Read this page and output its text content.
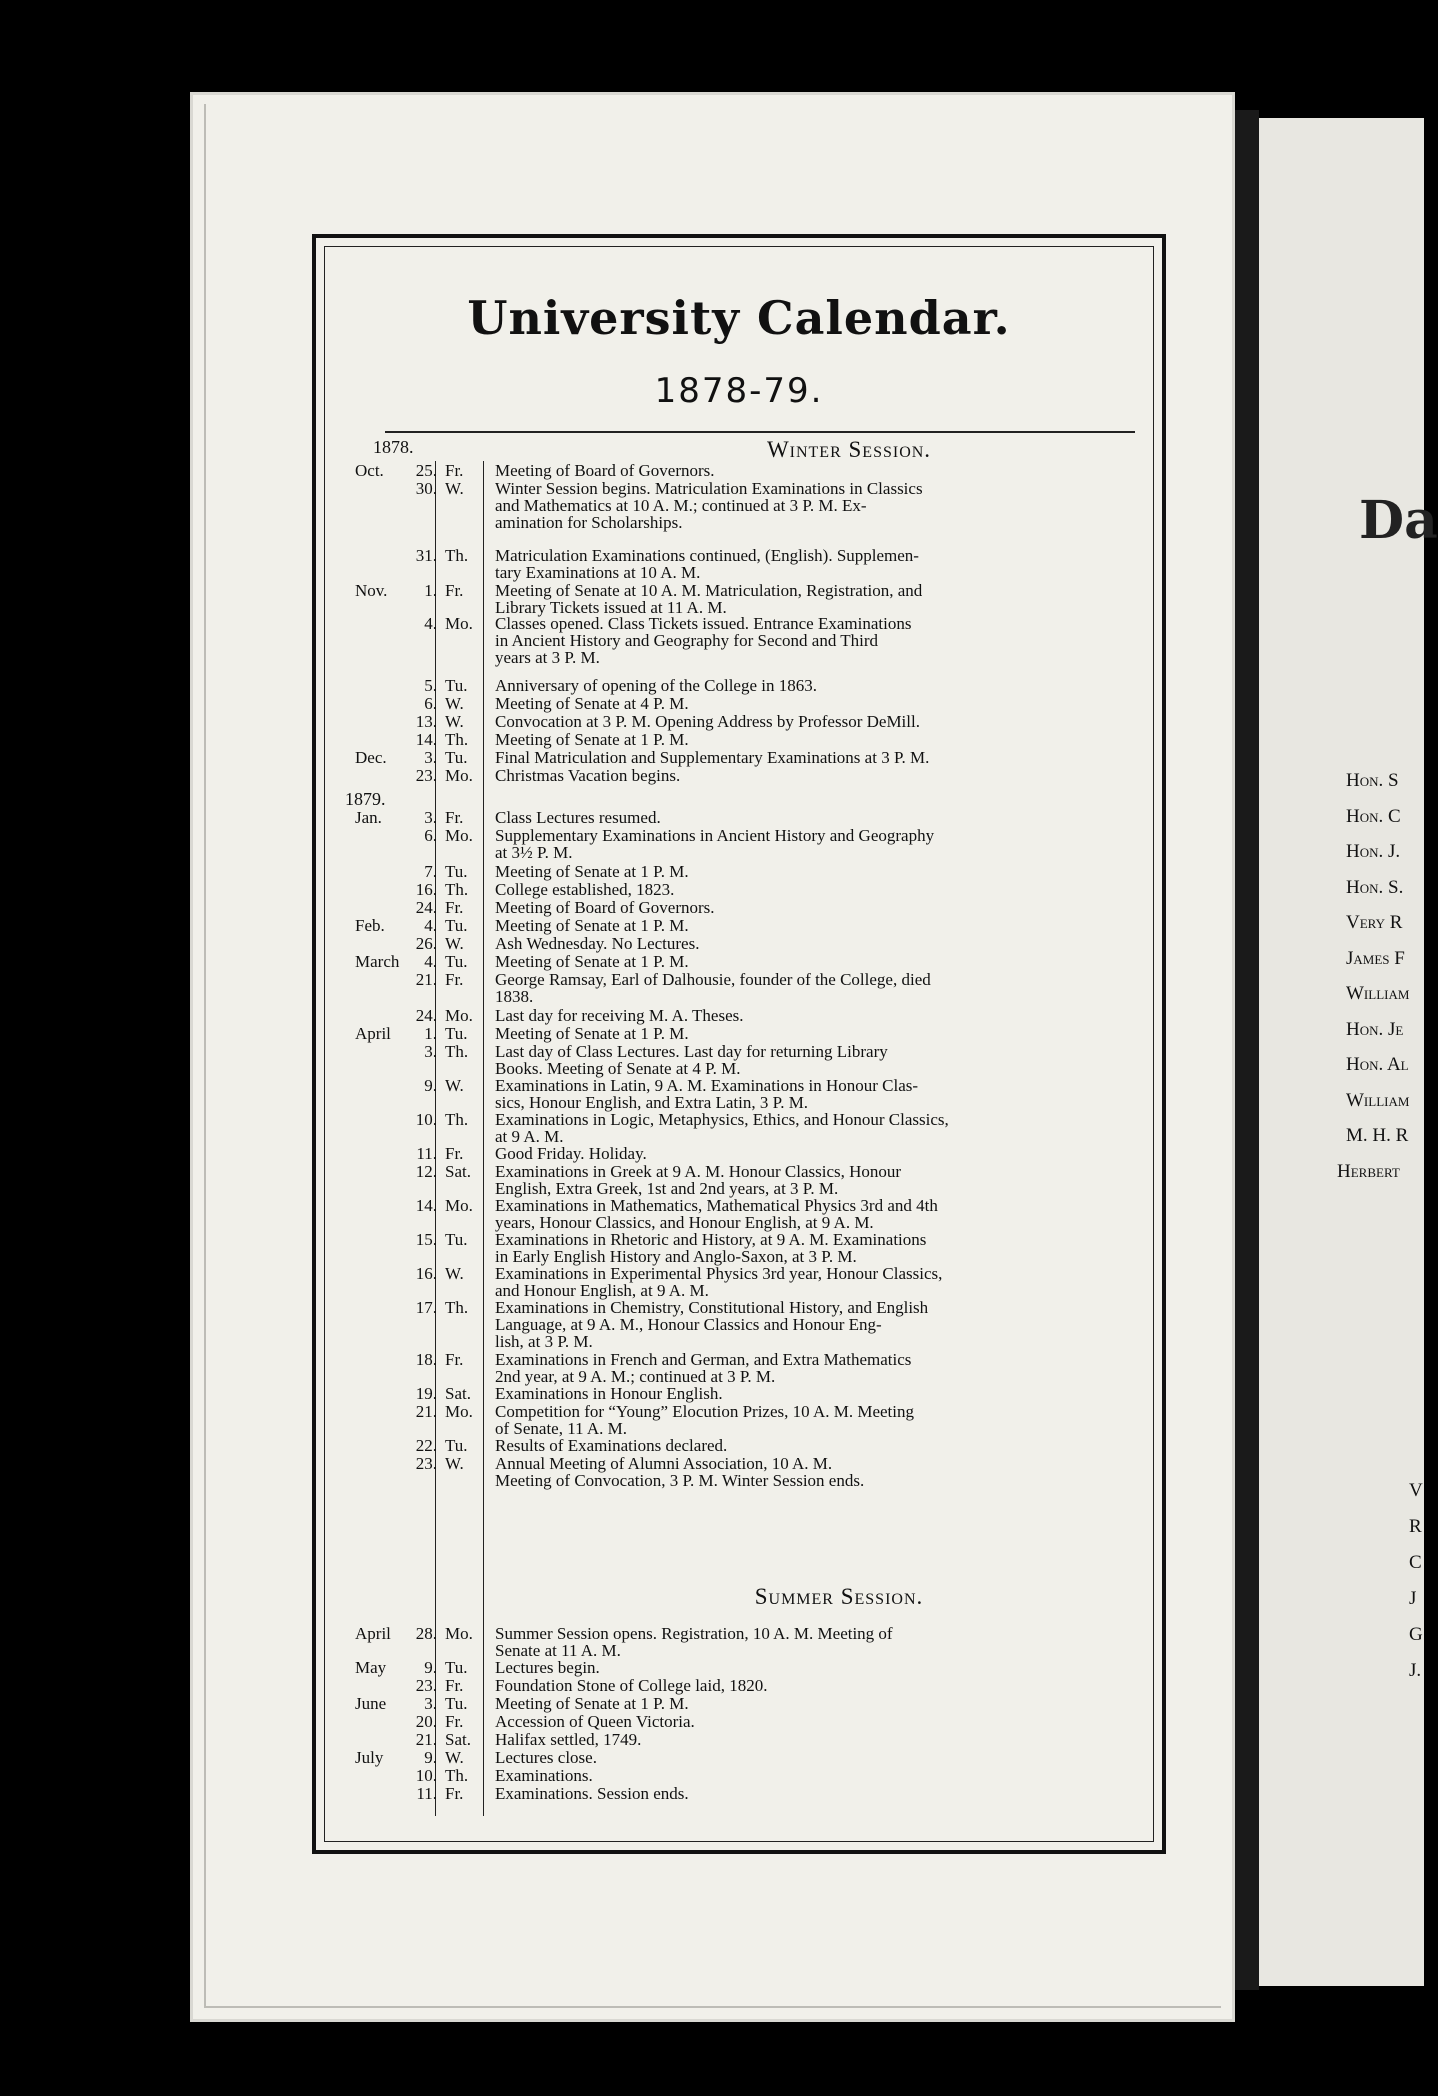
Da
Hon. S
Hon. C
Hon. J.
Hon. S.
Very R
James F
William
Hon. Je
Hon. Al
William
M. H. R
Herbert
V
R
C
J
G
J.
University Calendar.
1878-79.
Winter Session.
1878.
1879.
Oct.	25. Fr.	Meeting of Board of Governors.
30. W.	Winter Session begins. Matriculation Examinations in Classics
and Mathematics at 10 A. M.; continued at 3 P. M. Ex-
amination for Scholarships.
31. Th.	Matriculation Examinations continued, (English). Supplemen-
tary Examinations at 10 A. M.
Nov.	1. Fr.	Meeting of Senate at 10 A. M. Matriculation, Registration, and
Library Tickets issued at 11 A. M.
4. Mo.	Classes opened. Class Tickets issued. Entrance Examinations
in Ancient History and Geography for Second and Third
years at 3 P. M.
5. Tu.	Anniversary of opening of the College in 1863.
6. W.	Meeting of Senate at 4 P. M.
13. W.	Convocation at 3 P. M. Opening Address by Professor DeMill.
14. Th.	Meeting of Senate at 1 P. M.
Dec.	3. Tu.	Final Matriculation and Supplementary Examinations at 3 P. M.
23. Mo.	Christmas Vacation begins.
Jan.	3. Fr.	Class Lectures resumed.
6. Mo.	Supplementary Examinations in Ancient History and Geography
at 3½ P. M.
7. Tu.	Meeting of Senate at 1 P. M.
16. Th.	College established, 1823.
24. Fr.	Meeting of Board of Governors.
Feb.	4. Tu.	Meeting of Senate at 1 P. M.
26. W.	Ash Wednesday. No Lectures.
March	4. Tu.	Meeting of Senate at 1 P. M.
21. Fr.	George Ramsay, Earl of Dalhousie, founder of the College, died
1838.
24. Mo.	Last day for receiving M. A. Theses.
April	1. Tu.	Meeting of Senate at 1 P. M.
3. Th.	Last day of Class Lectures. Last day for returning Library
Books. Meeting of Senate at 4 P. M.
9. W.	Examinations in Latin, 9 A. M. Examinations in Honour Clas-
sics, Honour English, and Extra Latin, 3 P. M.
10. Th.	Examinations in Logic, Metaphysics, Ethics, and Honour Classics,
at 9 A. M.
11. Fr.	Good Friday. Holiday.
12. Sat.	Examinations in Greek at 9 A. M. Honour Classics, Honour
English, Extra Greek, 1st and 2nd years, at 3 P. M.
14. Mo.	Examinations in Mathematics, Mathematical Physics 3rd and 4th
years, Honour Classics, and Honour English, at 9 A. M.
15. Tu.	Examinations in Rhetoric and History, at 9 A. M. Examinations
in Early English History and Anglo-Saxon, at 3 P. M.
16. W.	Examinations in Experimental Physics 3rd year, Honour Classics,
and Honour English, at 9 A. M.
17. Th.	Examinations in Chemistry, Constitutional History, and English
Language, at 9 A. M., Honour Classics and Honour Eng-
lish, at 3 P. M.
18. Fr.	Examinations in French and German, and Extra Mathematics
2nd year, at 9 A. M.; continued at 3 P. M.
19. Sat.	Examinations in Honour English.
21. Mo.	Competition for “Young” Elocution Prizes, 10 A. M. Meeting
of Senate, 11 A. M.
22. Tu.	Results of Examinations declared.
23. W.	Annual Meeting of Alumni Association, 10 A. M.
Meeting of Convocation, 3 P. M. Winter Session ends.
Summer Session.
April	28. Mo.	Summer Session opens. Registration, 10 A. M. Meeting of
Senate at 11 A. M.
May	9. Tu.	Lectures begin.
23. Fr.	Foundation Stone of College laid, 1820.
June	3. Tu.	Meeting of Senate at 1 P. M.
20. Fr.	Accession of Queen Victoria.
21. Sat.	Halifax settled, 1749.
July	9. W.	Lectures close.
10. Th.	Examinations.
11. Fr.	Examinations. Session ends.
